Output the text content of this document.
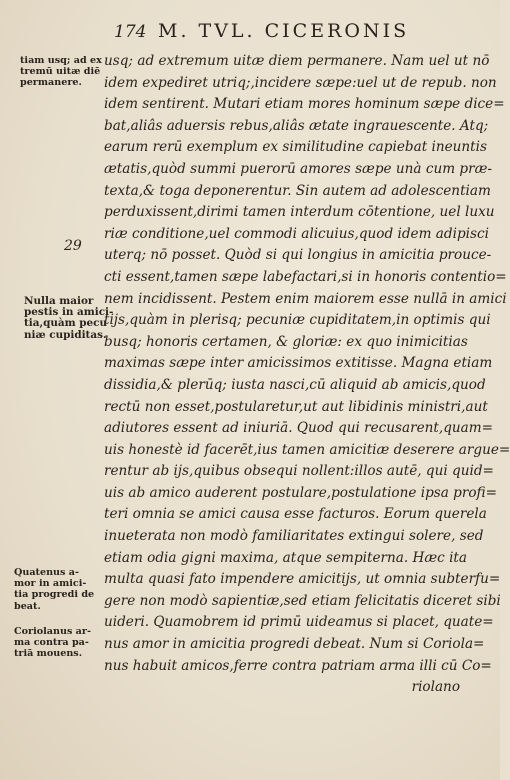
174 M. TVL. CICERONIS
tiam usq; ad ex
tremū uitæ diē
permanere.
29
Nulla maior
pestis in amici-
tia,quàm pecu
niæ cupiditas.
Quatenus a-
mor in amici-
tia progredi de
beat.
Coriolanus ar-
ma contra pa-
triā mouens.
usq; ad extremum uitæ diem permanere. Nam uel ut nō
idem expediret utriq;,incidere sæpe:uel ut de repub. non
idem sentirent. Mutari etiam mores hominum sæpe dice=
bat,aliâs aduersis rebus,aliâs ætate ingrauescente. Atq;
earum rerū exemplum ex similitudine capiebat ineuntis
ætatis,quòd summi puerorū amores sæpe unà cum præ-
texta,& toga deponerentur. Sin autem ad adolescentiam
perduxissent,dirimi tamen interdum cōtentione, uel luxu
riæ conditione,uel commodi alicuius,quod idem adipisci
uterq; nō posset. Quòd si qui longius in amicitia prouce-
cti essent,tamen sæpe labefactari,si in honoris contentio=
nem incidissent. Pestem enim maiorem esse nullā in amici
tijs,quàm in plerisq; pecuniæ cupiditatem,in optimis qui
busq; honoris certamen, & gloriæ: ex quo inimicitias
maximas sæpe inter amicissimos extitisse. Magna etiam
dissidia,& plerūq; iusta nasci,cū aliquid ab amicis,quod
rectū non esset,postularetur,ut aut libidinis ministri,aut
adiutores essent ad iniuriā. Quod qui recusarent,quam=
uis honestè id facerēt,ius tamen amicitiæ deserere argue=
rentur ab ijs,quibus obsequi nollent:illos autē, qui quid=
uis ab amico auderent postulare,postulatione ipsa profi=
teri omnia se amici causa esse facturos. Eorum querela
inueterata non modò familiaritates extingui solere, sed
etiam odia gigni maxima, atque sempiterna. Hæc ita
multa quasi fato impendere amicitijs, ut omnia subterfu=
gere non modò sapientiæ,sed etiam felicitatis diceret sibi
uideri. Quamobrem id primū uideamus si placet, quate=
nus amor in amicitia progredi debeat. Num si Coriola=
nus habuit amicos,ferre contra patriam arma illi cū Co=
riolano
